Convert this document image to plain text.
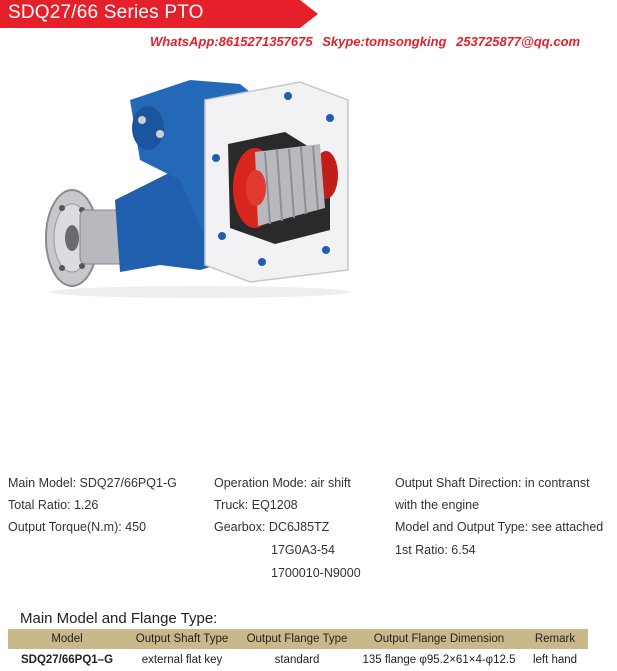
SDQ27/66 Series PTO
WhatsApp:8615271357675 Skype:tomsongking 253725877@qq.com
Main Model: SDQ27/66PQ1-G
Total Ratio: 1.26
Output Torque(N.m): 450
Operation Mode: air shift
Truck: EQ1208
Gearbox: DC6J85TZ
17G0A3-54
1700010-N9000
Output Shaft Direction: in contranst
with the engine
Model and Output Type: see attached
1st Ratio: 6.54
Main Model and Flange Type:
Model	Output Shaft Type	Output Flange Type	Output Flange Dimension	Remark
SDQ27/66PQ1–G	external flat key	standard	135 flange φ95.2×61×4-φ12.5	left hand
